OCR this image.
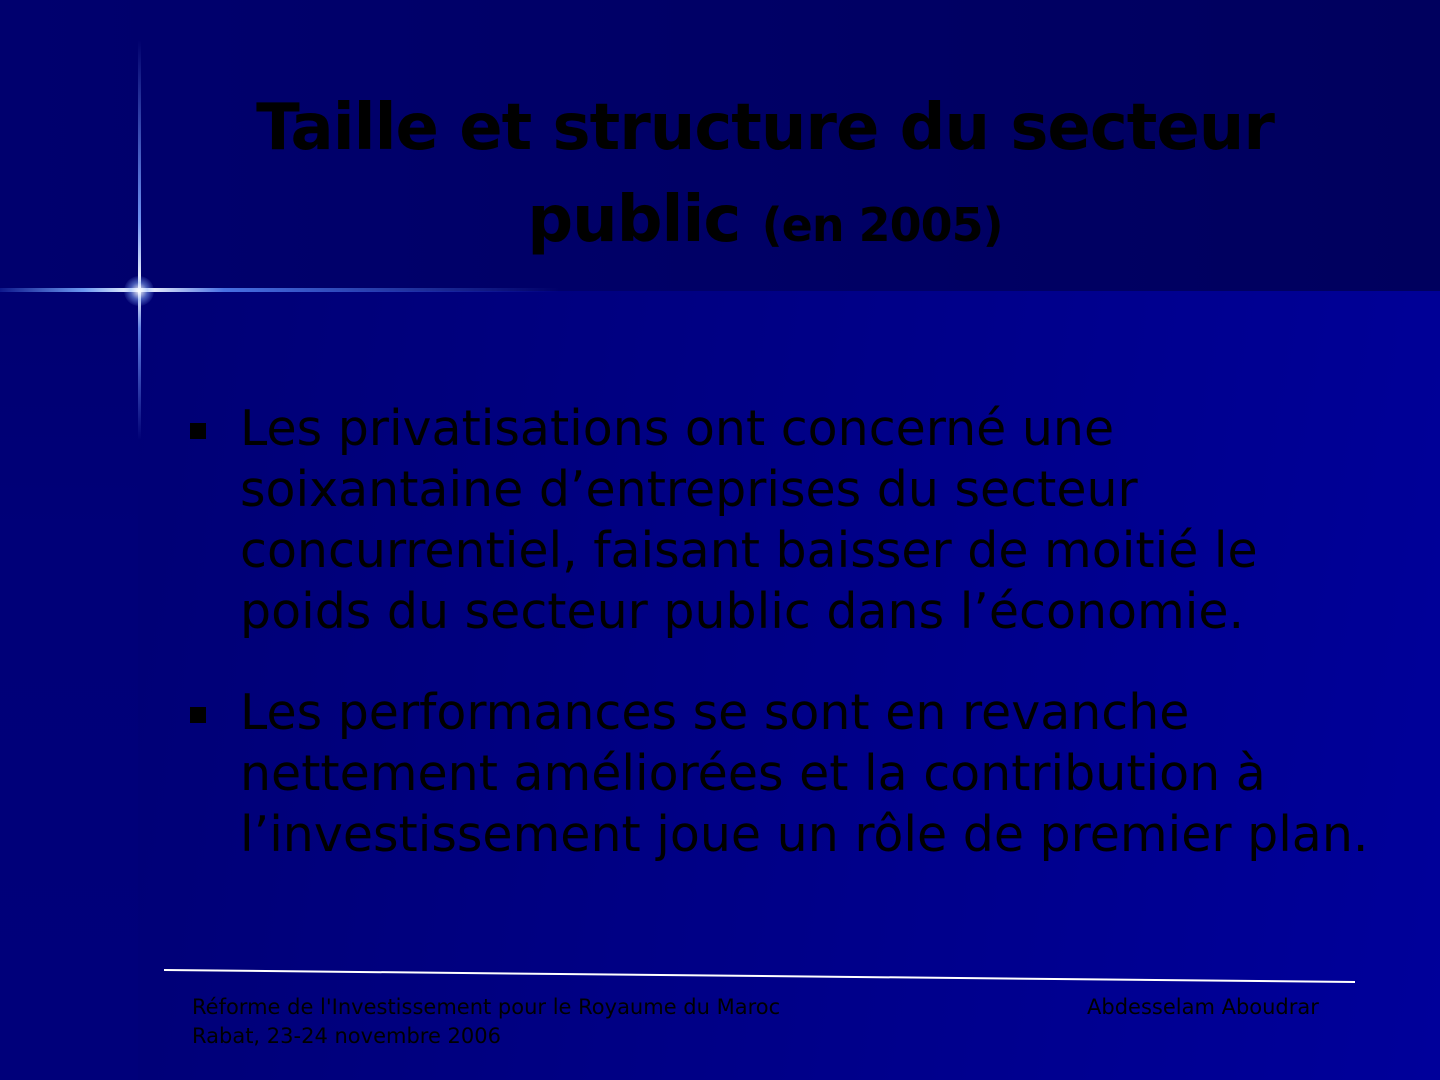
Taille et structure du secteur public (en 2005)
Les privatisations ont concerné une soixantaine d’entreprises du secteur concurrentiel, faisant baisser de moitié le poids du secteur public dans l’économie.
Les performances se sont en revanche nettement améliorées et la contribution à l’investissement joue un rôle de premier plan.
Réforme de l'Investissement pour le Royaume du Maroc
Rabat, 23-24 novembre 2006
Abdesselam Aboudrar
